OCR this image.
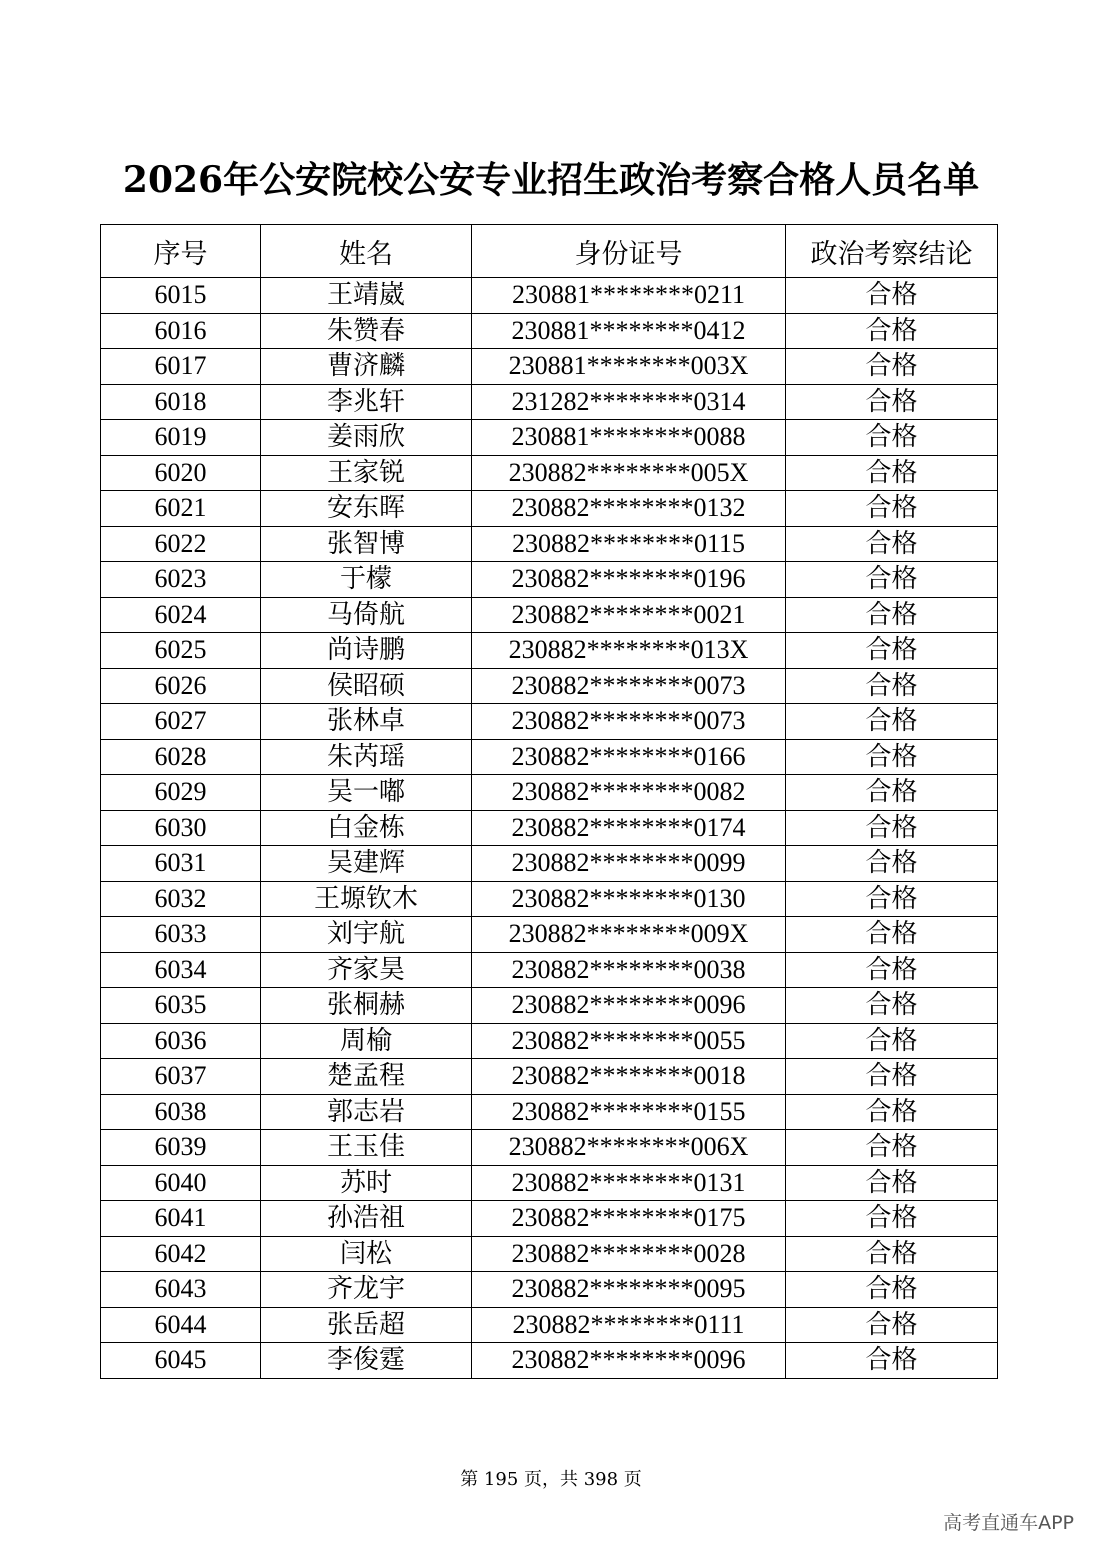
2026年公安院校公安专业招生政治考察合格人员名单
序号	姓名	身份证号	政治考察结论
6015	王靖崴	230881********0211	合格
6016	朱赞春	230881********0412	合格
6017	曹济麟	230881********003X	合格
6018	李兆轩	231282********0314	合格
6019	姜雨欣	230881********0088	合格
6020	王家锐	230882********005X	合格
6021	安东晖	230882********0132	合格
6022	张智博	230882********0115	合格
6023	于檬	230882********0196	合格
6024	马倚航	230882********0021	合格
6025	尚诗鹏	230882********013X	合格
6026	侯昭硕	230882********0073	合格
6027	张林卓	230882********0073	合格
6028	朱芮瑶	230882********0166	合格
6029	吴一嘟	230882********0082	合格
6030	白金栋	230882********0174	合格
6031	吴建辉	230882********0099	合格
6032	王塬钦木	230882********0130	合格
6033	刘宇航	230882********009X	合格
6034	齐家昊	230882********0038	合格
6035	张桐赫	230882********0096	合格
6036	周榆	230882********0055	合格
6037	楚孟程	230882********0018	合格
6038	郭志岩	230882********0155	合格
6039	王玉佳	230882********006X	合格
6040	苏时	230882********0131	合格
6041	孙浩祖	230882********0175	合格
6042	闫松	230882********0028	合格
6043	齐龙宇	230882********0095	合格
6044	张岳超	230882********0111	合格
6045	李俊霆	230882********0096	合格
第 195 页，共 398 页
高考直通车APP
